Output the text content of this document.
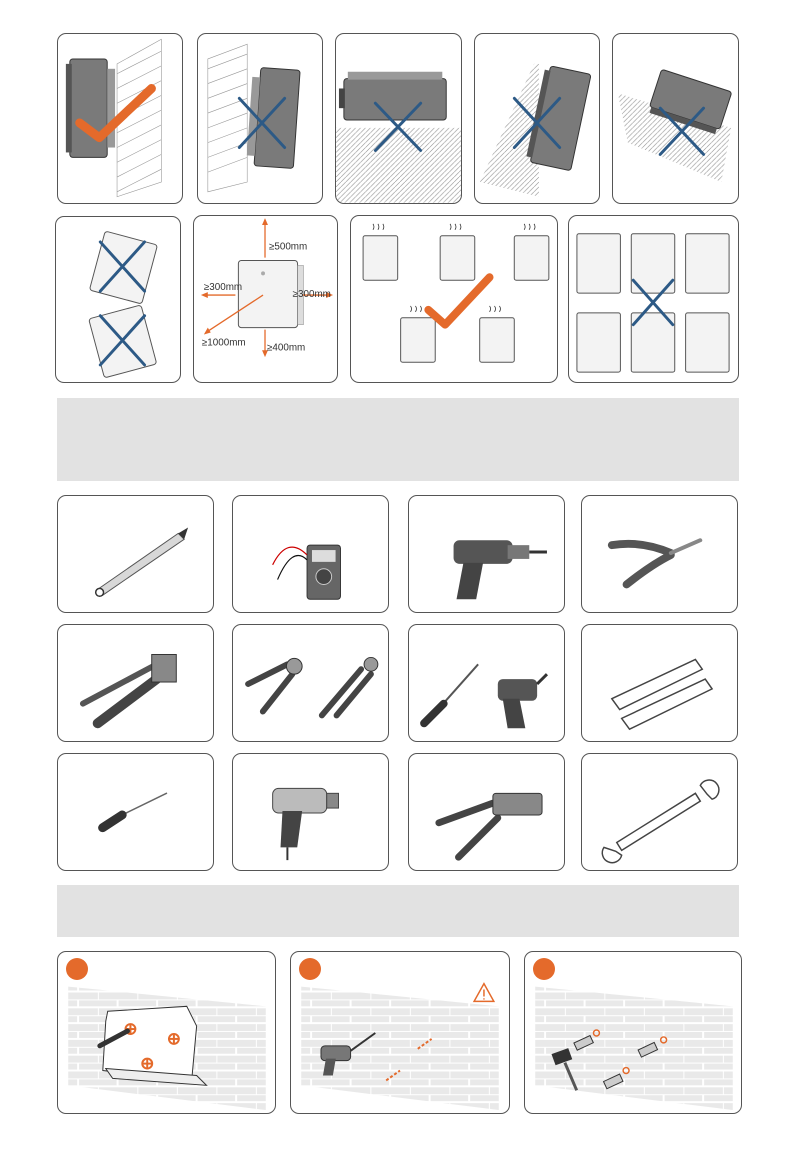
≥500mm
≥300mm
≥300mm
≥1000mm ≥400mm
